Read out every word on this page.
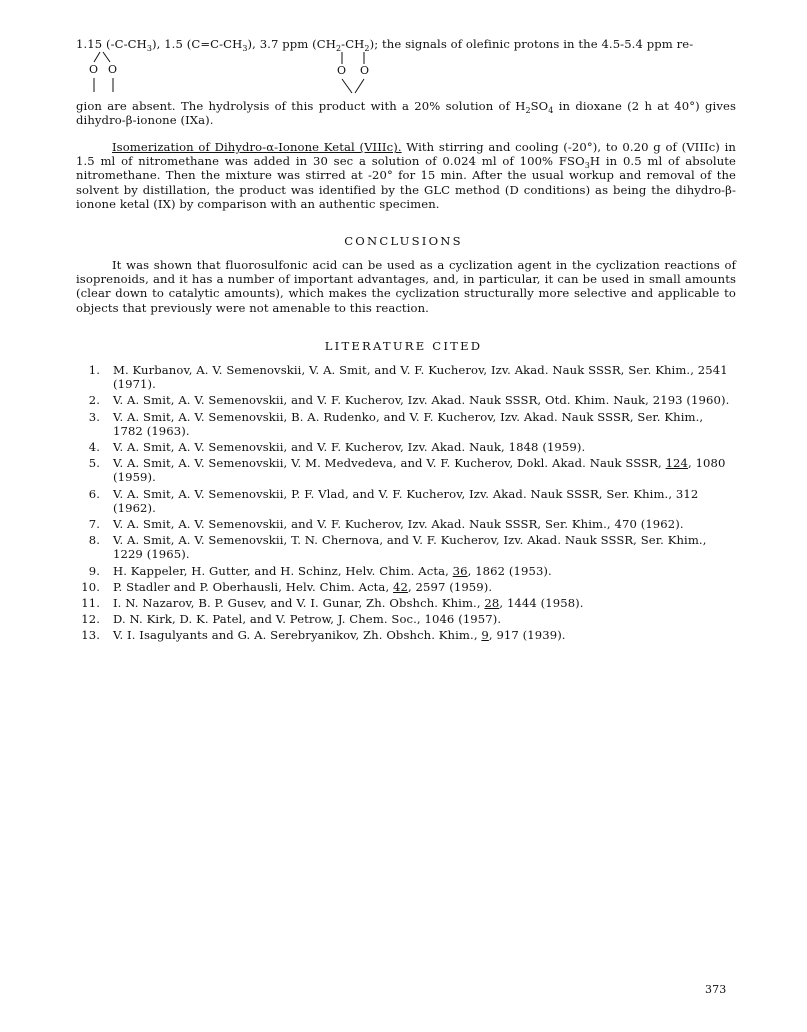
1.15 $(-C-CH_3)$, 1.5 $(C=C-CH_3)$, 3.7 ppm $(CH_2-CH_2)$; the signals of olefinic protons in the 4.5-5.4 ppm re-
O O	O O
gion are absent. The hydrolysis of this product with a 20% solution of $H_2SO_4$ in dioxane (2 h at 40°) gives dihydro-β-ionone (IXa).
Isomerization of Dihydro-α-Ionone Ketal (VIIIc). With stirring and cooling (-20°), to 0.20 g of (VIIIc) in 1.5 ml of nitromethane was added in 30 sec a solution of 0.024 ml of 100% $FSO_3H$ in 0.5 ml of absolute nitromethane. Then the mixture was stirred at -20° for 15 min. After the usual workup and removal of the solvent by distillation, the product was identified by the GLC method (D conditions) as being the dihydro-β-ionone ketal (IX) by comparison with an authentic specimen.
CONCLUSIONS
It was shown that fluorosulfonic acid can be used as a cyclization agent in the cyclization reactions of isoprenoids, and it has a number of important advantages, and, in particular, it can be used in small amounts (clear down to catalytic amounts), which makes the cyclization structurally more selective and applicable to objects that previously were not amenable to this reaction.
LITERATURE CITED
1. M. Kurbanov, A. V. Semenovskii, V. A. Smit, and V. F. Kucherov, Izv. Akad. Nauk SSSR, Ser. Khim., 2541 (1971).
2. V. A. Smit, A. V. Semenovskii, and V. F. Kucherov, Izv. Akad. Nauk SSSR, Otd. Khim. Nauk, 2193 (1960).
3. V. A. Smit, A. V. Semenovskii, B. A. Rudenko, and V. F. Kucherov, Izv. Akad. Nauk SSSR, Ser. Khim., 1782 (1963).
4. V. A. Smit, A. V. Semenovskii, and V. F. Kucherov, Izv. Akad. Nauk, 1848 (1959).
5. V. A. Smit, A. V. Semenovskii, V. M. Medvedeva, and V. F. Kucherov, Dokl. Akad. Nauk SSSR, 124, 1080 (1959).
6. V. A. Smit, A. V. Semenovskii, P. F. Vlad, and V. F. Kucherov, Izv. Akad. Nauk SSSR, Ser. Khim., 312 (1962).
7. V. A. Smit, A. V. Semenovskii, and V. F. Kucherov, Izv. Akad. Nauk SSSR, Ser. Khim., 470 (1962).
8. V. A. Smit, A. V. Semenovskii, T. N. Chernova, and V. F. Kucherov, Izv. Akad. Nauk SSSR, Ser. Khim., 1229 (1965).
9. H. Kappeler, H. Gutter, and H. Schinz, Helv. Chim. Acta, 36, 1862 (1953).
10. P. Stadler and P. Oberhausli, Helv. Chim. Acta, 42, 2597 (1959).
11. I. N. Nazarov, B. P. Gusev, and V. I. Gunar, Zh. Obshch. Khim., 28, 1444 (1958).
12. D. N. Kirk, D. K. Patel, and V. Petrow, J. Chem. Soc., 1046 (1957).
13. V. I. Isagulyants and G. A. Serebryanikov, Zh. Obshch. Khim., 9, 917 (1939).
373
